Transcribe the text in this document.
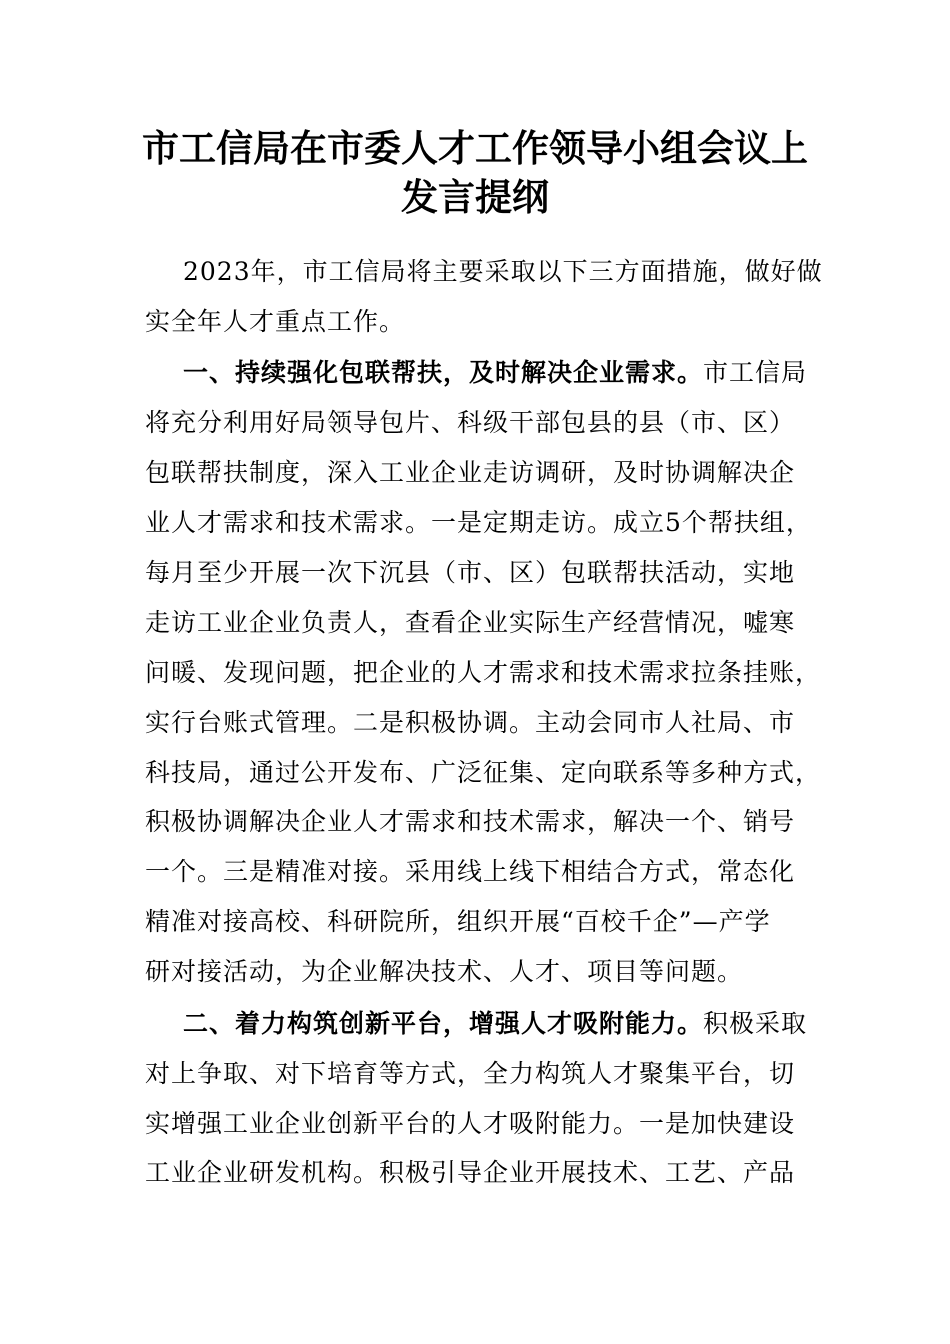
市工信局在市委人才工作领导小组会议上
发言提纲
2023年，市工信局将主要采取以下三方面措施，做好做
实全年人才重点工作。
一、持续强化包联帮扶，及时解决企业需求。市工信局
将充分利用好局领导包片、科级干部包县的县（市、区）
包联帮扶制度，深入工业企业走访调研，及时协调解决企
业人才需求和技术需求。一是定期走访。成立5个帮扶组，
每月至少开展一次下沉县（市、区）包联帮扶活动，实地
走访工业企业负责人，查看企业实际生产经营情况，嘘寒
问暖、发现问题，把企业的人才需求和技术需求拉条挂账，
实行台账式管理。二是积极协调。主动会同市人社局、市
科技局，通过公开发布、广泛征集、定向联系等多种方式，
积极协调解决企业人才需求和技术需求，解决一个、销号
一个。三是精准对接。采用线上线下相结合方式，常态化
精准对接高校、科研院所，组织开展“百校千企”—产学
研对接活动，为企业解决技术、人才、项目等问题。
二、着力构筑创新平台，增强人才吸附能力。积极采取
对上争取、对下培育等方式，全力构筑人才聚集平台，切
实增强工业企业创新平台的人才吸附能力。一是加快建设
工业企业研发机构。积极引导企业开展技术、工艺、产品
